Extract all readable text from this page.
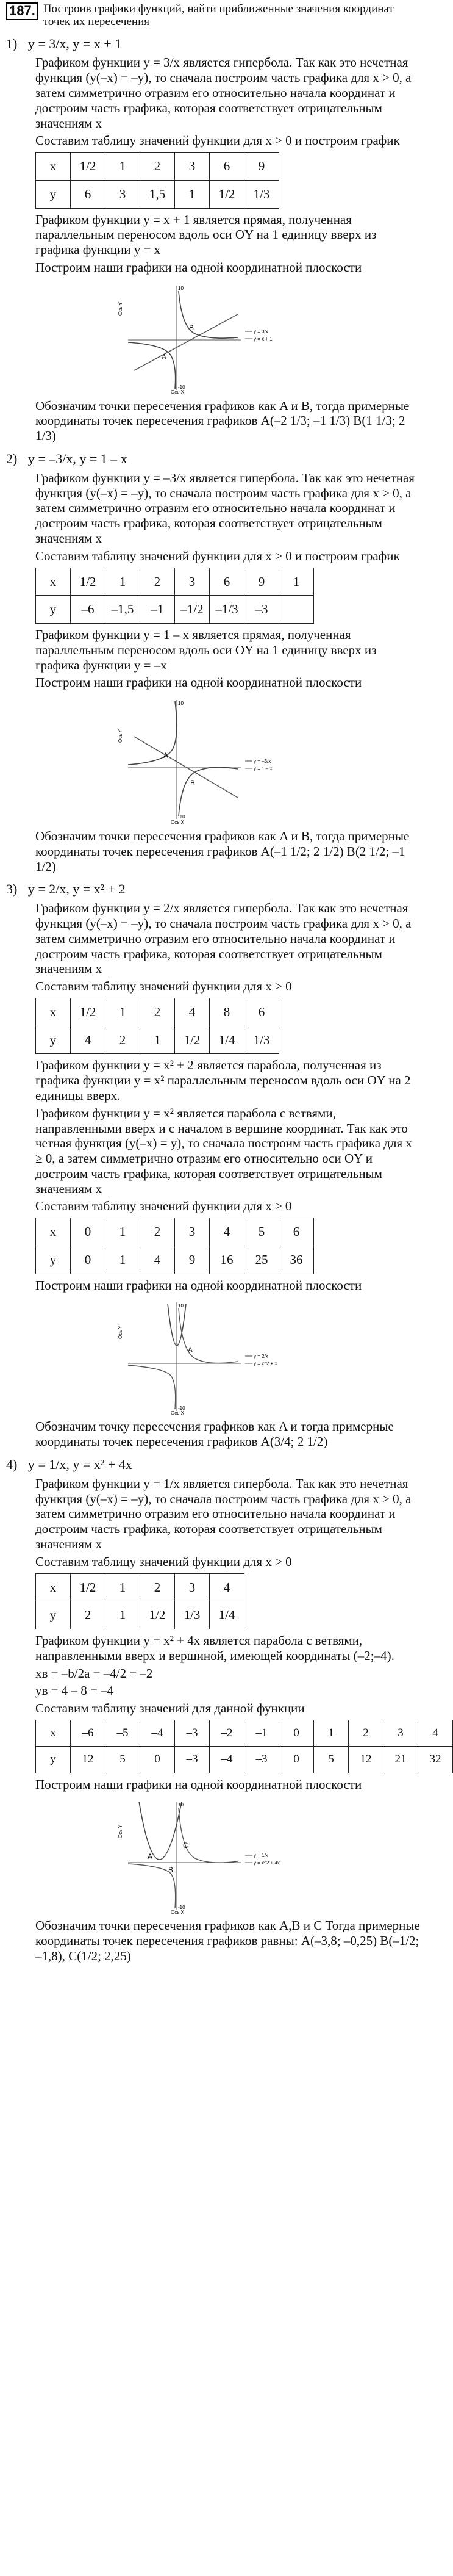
187. Построив графики функций, найти приближенные значения координат точек их пересечения
1) y = 3/x, y = x + 1

Графиком функции y = 3/x является гипербола. Так как это нечетная функция (y(–x) = –y), то сначала построим часть графика для x > 0, а затем симметрично отразим его относительно начала координат и достроим часть графика, которая соответствует отрицательным значениям x

Составим таблицу значений функции для x > 0 и построим график

x	1/2	1	2	3	6	9
y	6	3	1,5	1	1/2	1/3

Графиком функции y = x + 1 является прямая, полученная параллельным переносом вдоль оси OY на 1 единицу вверх из графика функции y = x

Построим наши графики на одной координатной плоскости

B
A
10
-10
Ось Y
Ось X
y = 3/x
y = x + 1

Обозначим точки пересечения графиков как A и B, тогда примерные координаты точек пересечения графиков A(–2 1/3; –1 1/3) B(1 1/3; 2 1/3)

2) y = –3/x, y = 1 – x

Графиком функции y = –3/x является гипербола. Так как это нечетная функция (y(–x) = –y), то сначала построим часть графика для x > 0, а затем симметрично отразим его относительно начала координат и достроим часть графика, которая соответствует отрицательным значениям x

Составим таблицу значений функции для x > 0 и построим график

x	1/2	1	2	3	6	9	1
y	–6	–1,5	–1	–1/2	–1/3	–3	

Графиком функции y = 1 – x является прямая, полученная параллельным переносом вдоль оси OY на 1 единицу вверх из графика функции y = –x

Построим наши графики на одной координатной плоскости

A
B
10
-10
Ось Y
Ось X
y = –3/x
y = 1 – x

Обозначим точки пересечения графиков как A и B, тогда примерные координаты точек пересечения графиков A(–1 1/2; 2 1/2) B(2 1/2; –1 1/2)

3) y = 2/x, y = x² + 2

Графиком функции y = 2/x является гипербола. Так как это нечетная функция (y(–x) = –y), то сначала построим часть графика для x > 0, а затем симметрично отразим его относительно начала координат и достроим часть графика, которая соответствует отрицательным значениям x

Составим таблицу значений функции для x > 0

x	1/2	1	2	4	8	6
y	4	2	1	1/2	1/4	1/3

Графиком функции y = x² + 2 является парабола, полученная из графика функции y = x² параллельным переносом вдоль оси OY на 2 единицы вверх.

Графиком функции y = x² является парабола с ветвями, направленными вверх и с началом в вершине координат. Так как это четная функция (y(–x) = y), то сначала построим часть графика для x ≥ 0, а затем симметрично отразим его относительно оси OY и достроим часть графика, которая соответствует отрицательным значениям x

Составим таблицу значений функции для x ≥ 0

x	0	1	2	3	4	5	6
y	0	1	4	9	16	25	36

Построим наши графики на одной координатной плоскости

A
10
-10
Ось Y
Ось X
y = 2/x
y = x^2 + x

Обозначим точку пересечения графиков как A и тогда примерные координаты точек пересечения графиков A(3/4; 2 1/2)

4) y = 1/x, y = x² + 4x

Графиком функции y = 1/x является гипербола. Так как это нечетная функция (y(–x) = –y), то сначала построим часть графика для x > 0, а затем симметрично отразим его относительно начала координат и достроим часть графика, которая соответствует отрицательным значениям x

Составим таблицу значений функции для x > 0

x	1/2	1	2	3	4
y	2	1	1/2	1/3	1/4

Графиком функции y = x² + 4x является парабола с ветвями, направленными вверх и вершиной, имеющей координаты (–2;–4).

xв = –b/2a = –4/2 = –2

yв = 4 – 8 = –4

Составим таблицу значений для данной функции

x	–6	–5	–4	–3	–2	–1	0	1	2	3	4
y	12	5	0	–3	–4	–3	0	5	12	21	32

Построим наши графики на одной координатной плоскости

A
B
C
10
-10
Ось Y
Ось X
y = 1/x
y = x^2 + 4x

Обозначим точки пересечения графиков как A,B и C Тогда примерные координаты точек пересечения графиков равны: A(–3,8; –0,25) B(–1/2; –1,8), C(1/2; 2,25)
